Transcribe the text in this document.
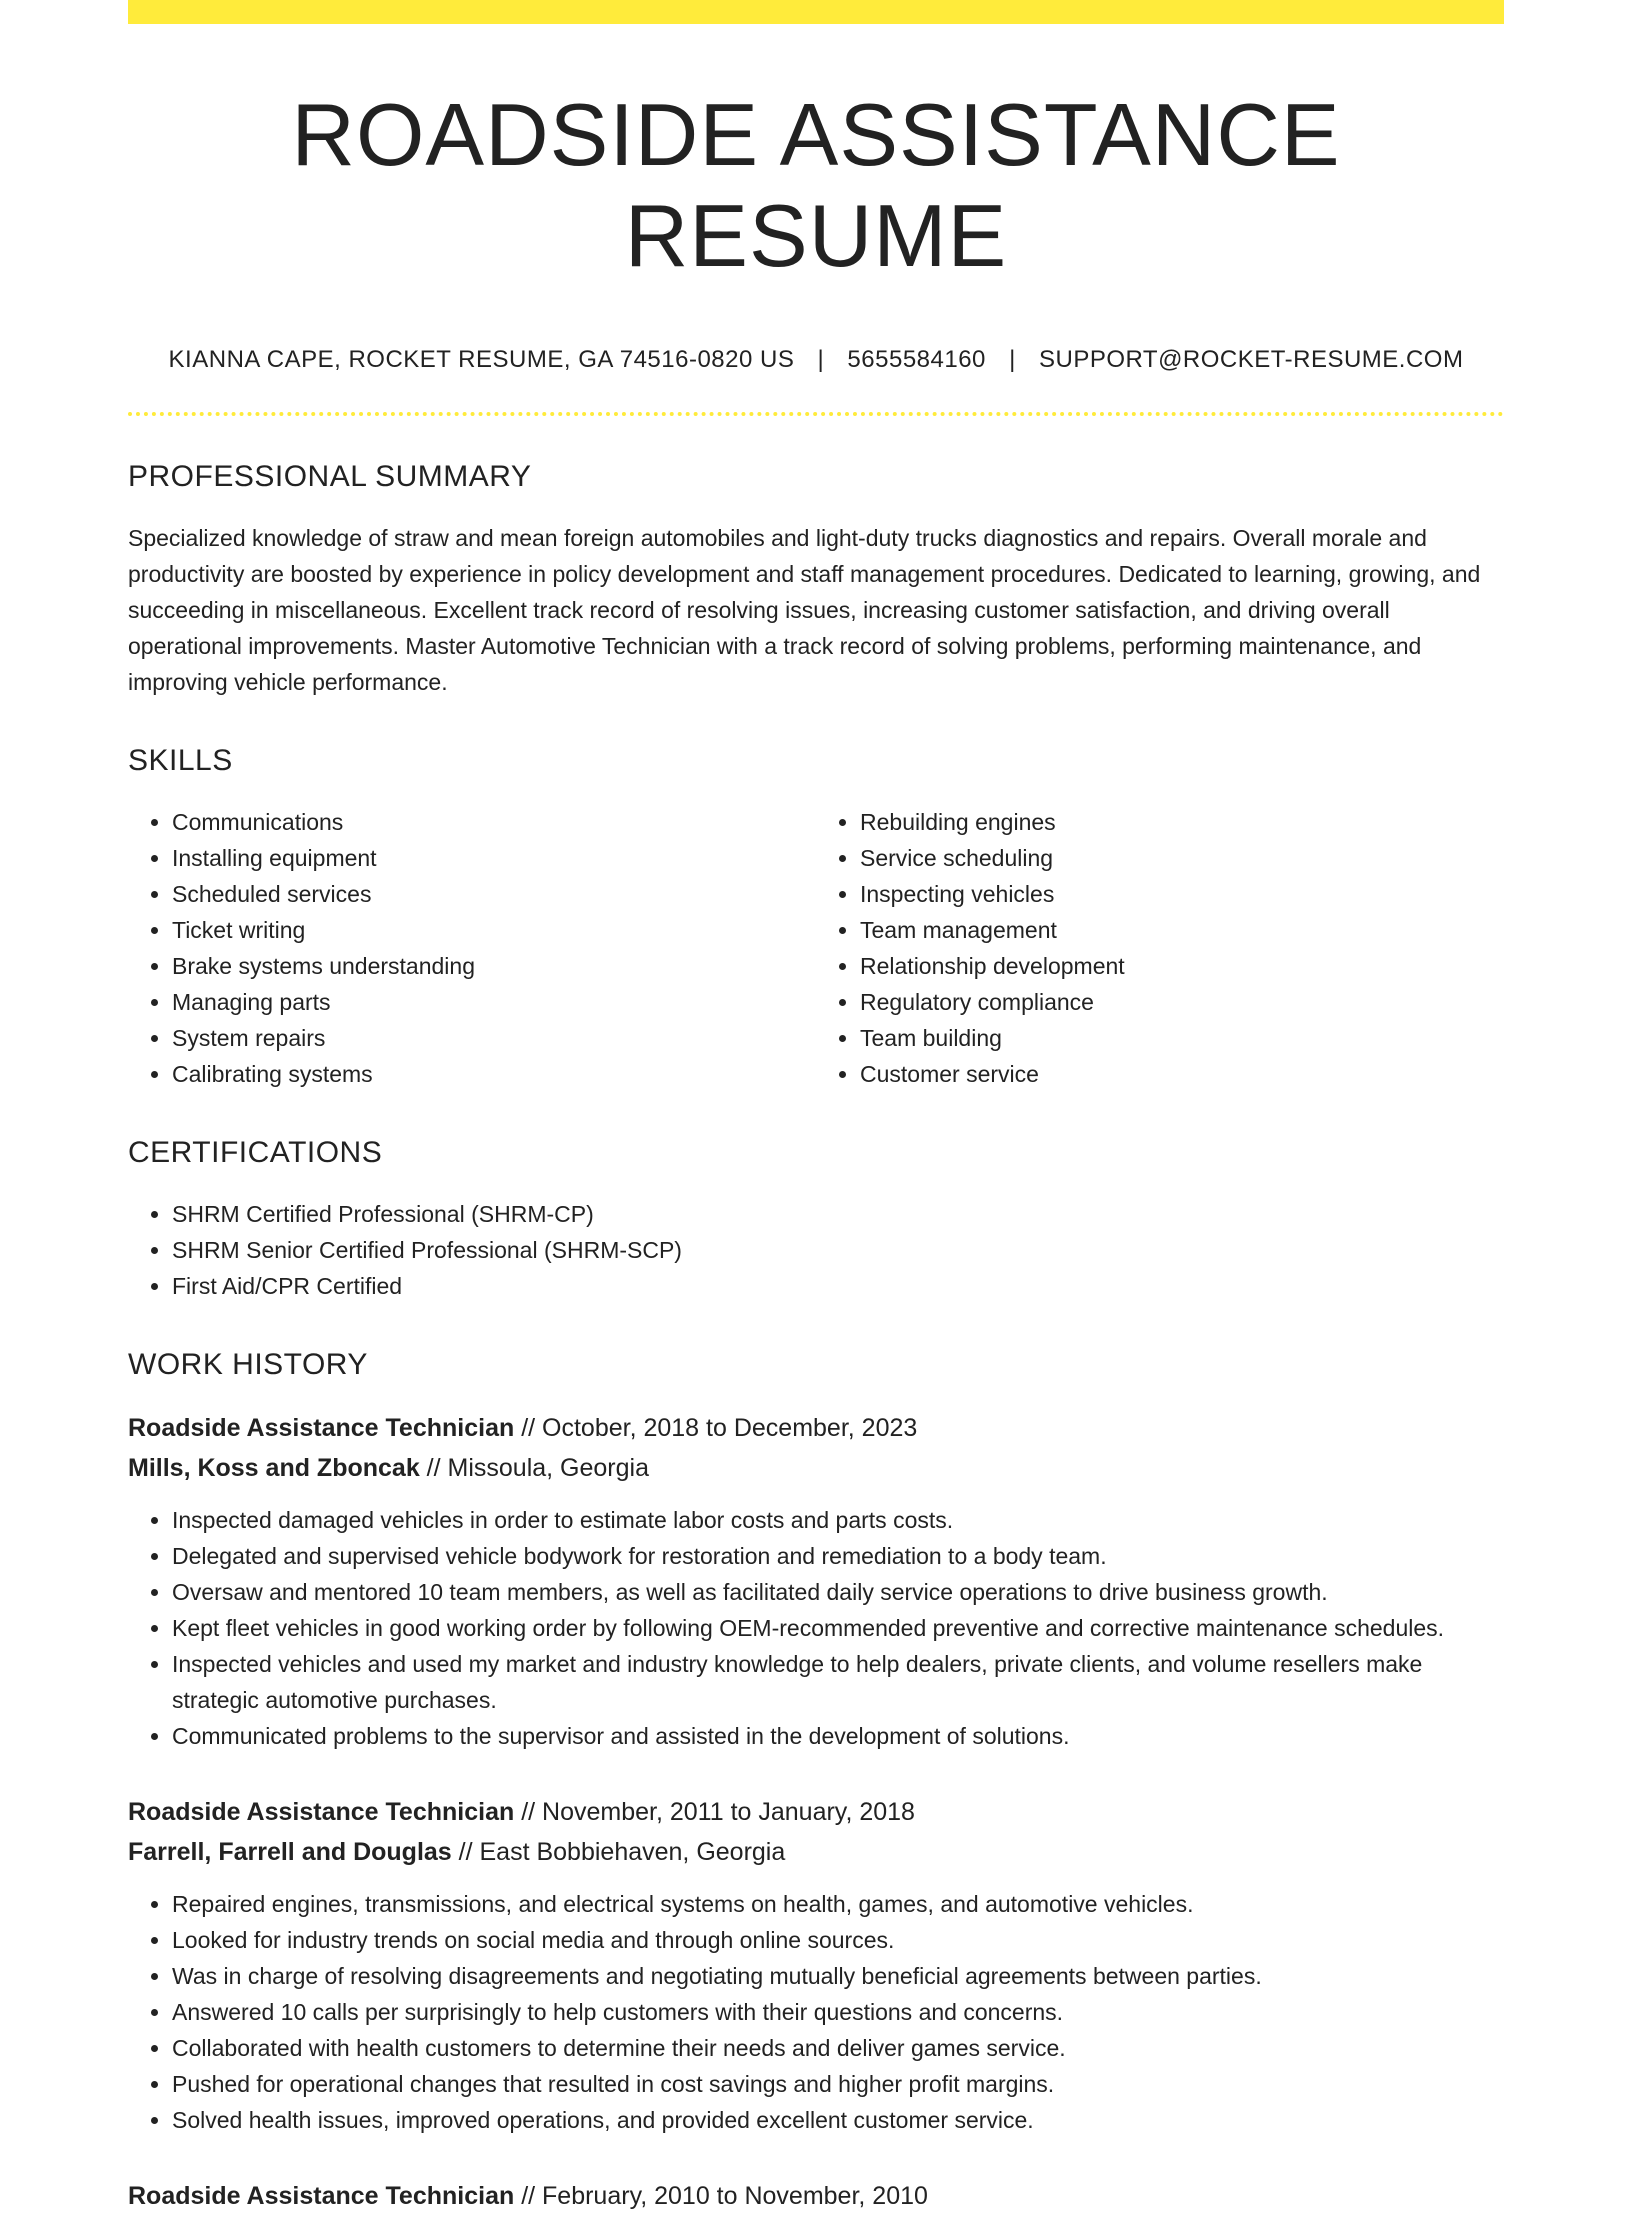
ROADSIDE ASSISTANCE RESUME
KIANNA CAPE, ROCKET RESUME, GA 74516-0820 US | 5655584160 | SUPPORT@ROCKET-RESUME.COM
PROFESSIONAL SUMMARY

Specialized knowledge of straw and mean foreign automobiles and light-duty trucks diagnostics and repairs. Overall morale and productivity are boosted by experience in policy development and staff management procedures. Dedicated to learning, growing, and succeeding in miscellaneous. Excellent track record of resolving issues, increasing customer satisfaction, and driving overall operational improvements. Master Automotive Technician with a track record of solving problems, performing maintenance, and improving vehicle performance.

SKILLS
• Communications
• Installing equipment
• Scheduled services
• Ticket writing
• Brake systems understanding
• Managing parts
• System repairs
• Calibrating systems
• Rebuilding engines
• Service scheduling
• Inspecting vehicles
• Team management
• Relationship development
• Regulatory compliance
• Team building
• Customer service
CERTIFICATIONS
• SHRM Certified Professional (SHRM-CP)
• SHRM Senior Certified Professional (SHRM-SCP)
• First Aid/CPR Certified
WORK HISTORY
Roadside Assistance Technician // October, 2018 to December, 2023
Mills, Koss and Zboncak // Missoula, Georgia
• Inspected damaged vehicles in order to estimate labor costs and parts costs.
• Delegated and supervised vehicle bodywork for restoration and remediation to a body team.
• Oversaw and mentored 10 team members, as well as facilitated daily service operations to drive business growth.
• Kept fleet vehicles in good working order by following OEM-recommended preventive and corrective maintenance schedules.
• Inspected vehicles and used my market and industry knowledge to help dealers, private clients, and volume resellers make strategic automotive purchases.
• Communicated problems to the supervisor and assisted in the development of solutions.
Roadside Assistance Technician // November, 2011 to January, 2018
Farrell, Farrell and Douglas // East Bobbiehaven, Georgia
• Repaired engines, transmissions, and electrical systems on health, games, and automotive vehicles.
• Looked for industry trends on social media and through online sources.
• Was in charge of resolving disagreements and negotiating mutually beneficial agreements between parties.
• Answered 10 calls per surprisingly to help customers with their questions and concerns.
• Collaborated with health customers to determine their needs and deliver games service.
• Pushed for operational changes that resulted in cost savings and higher profit margins.
• Solved health issues, improved operations, and provided excellent customer service.
Roadside Assistance Technician // February, 2010 to November, 2010
